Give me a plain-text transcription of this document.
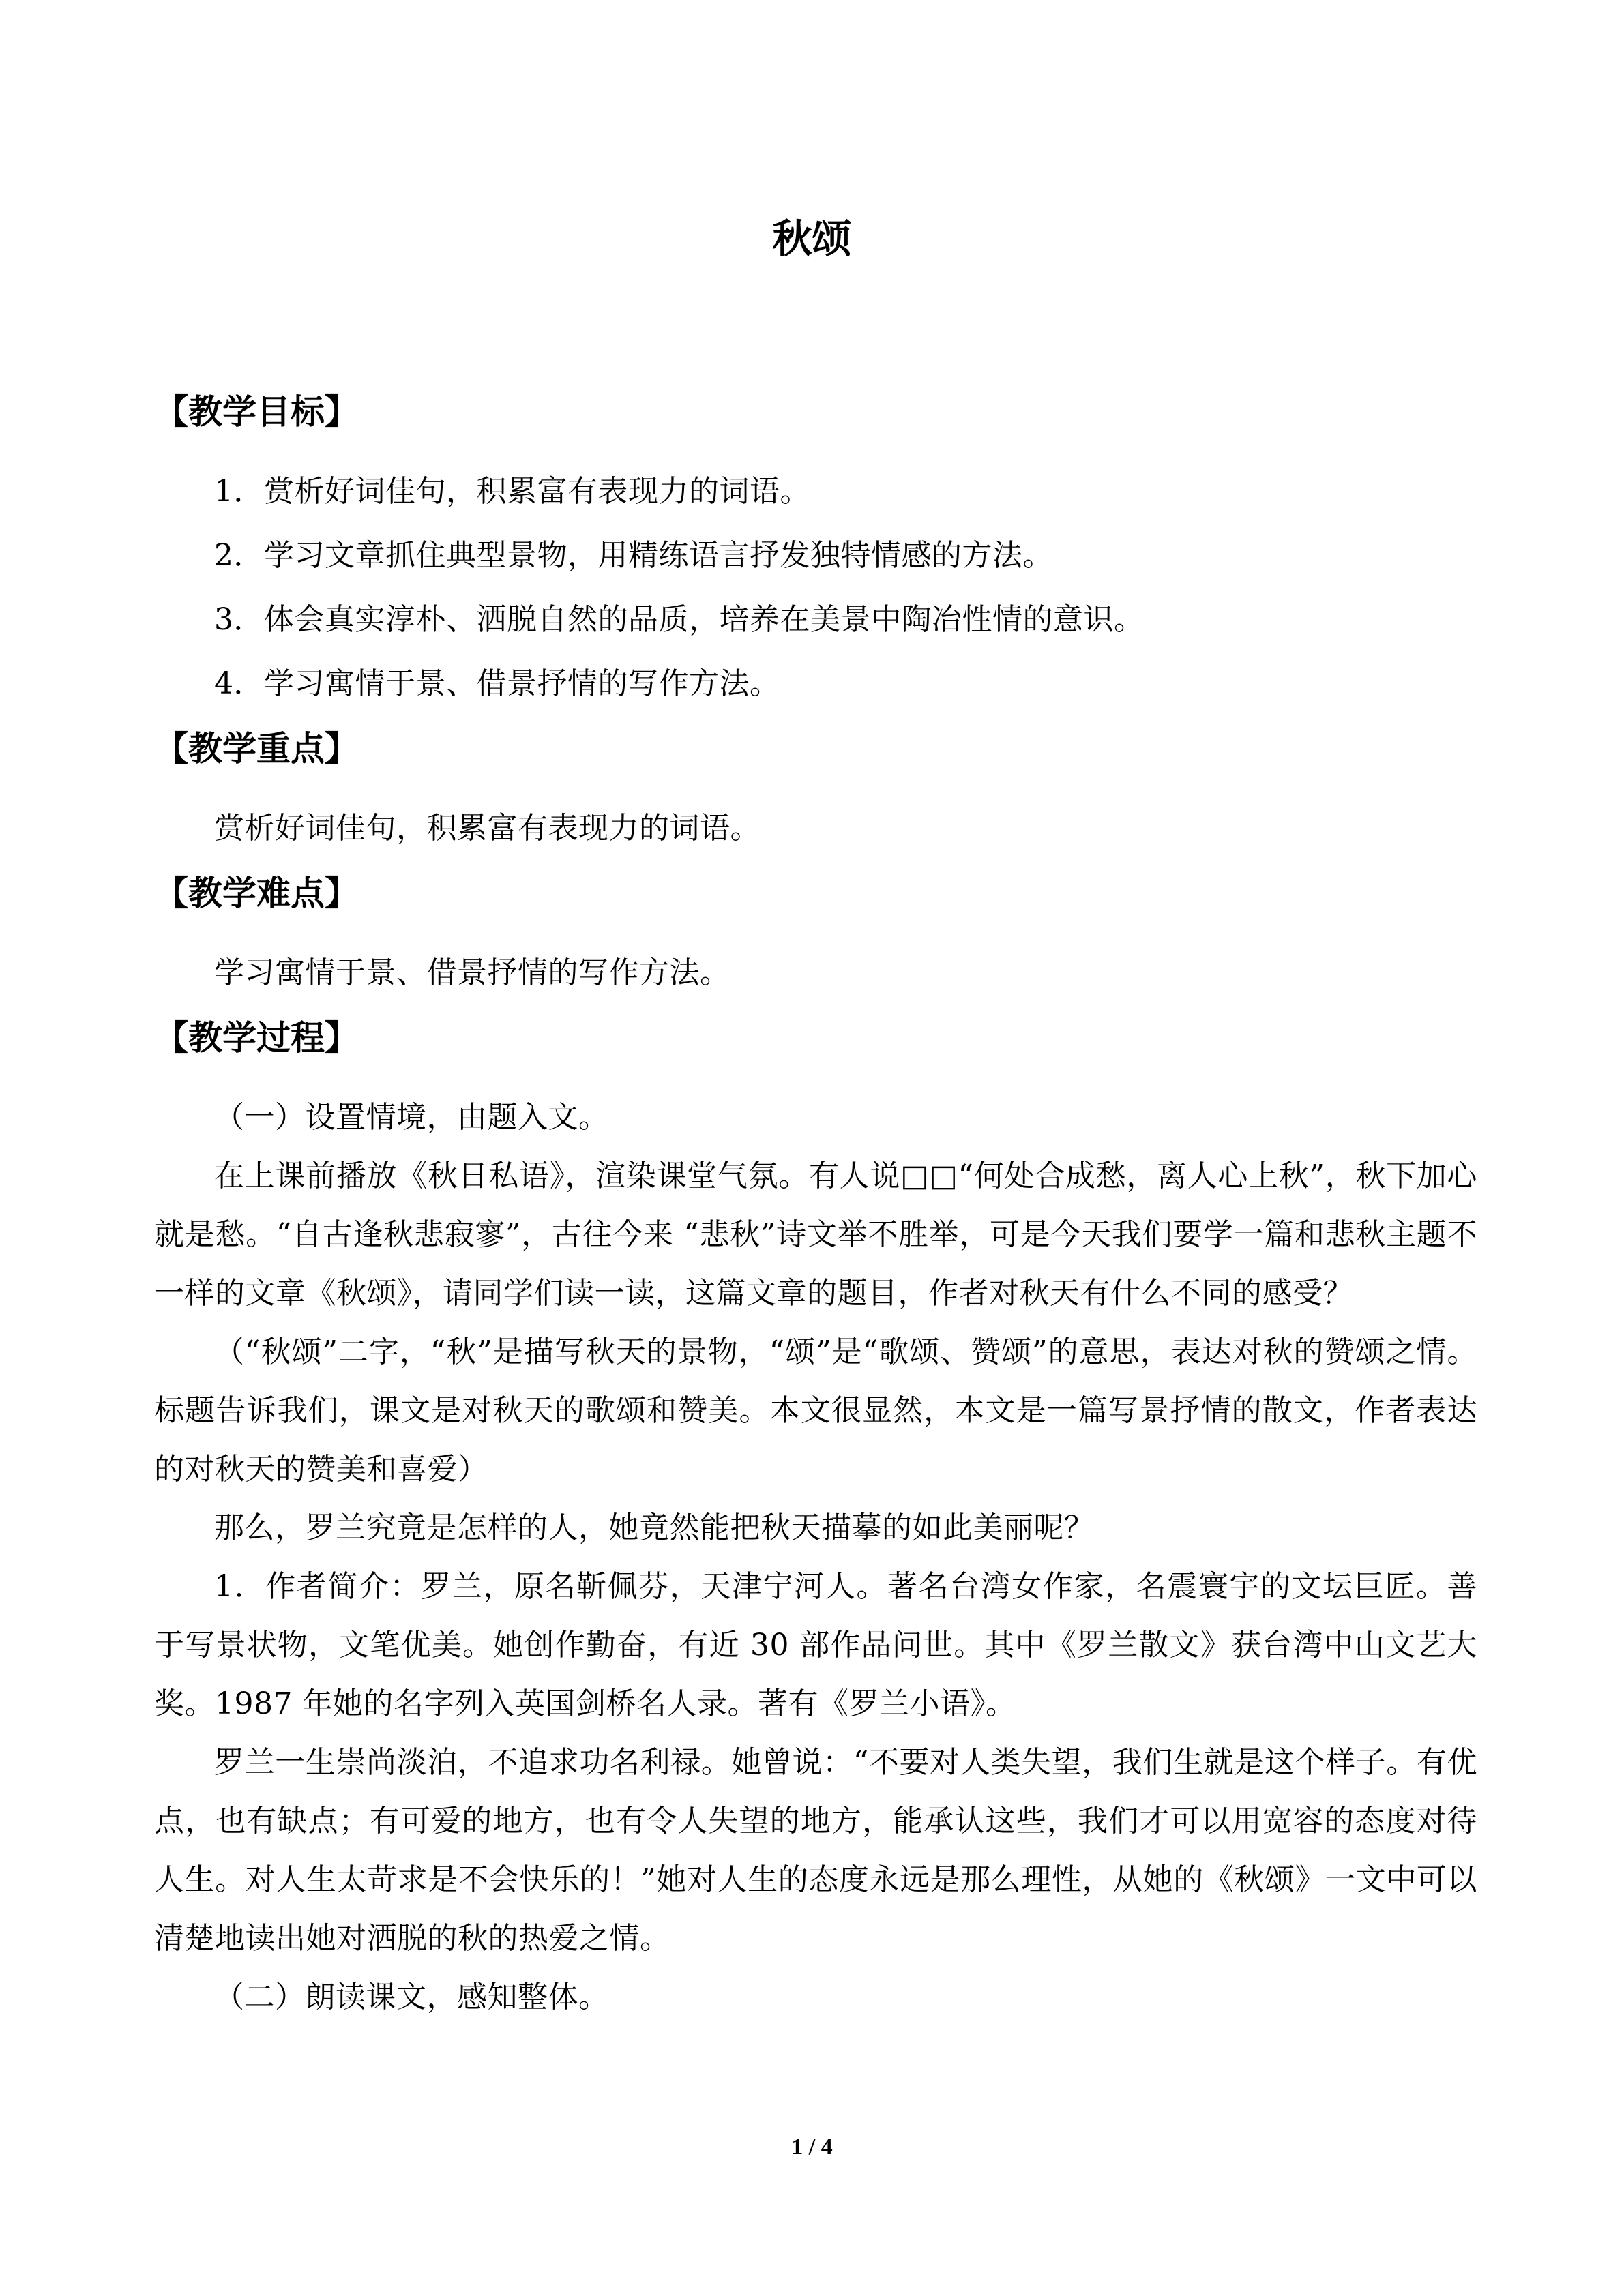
秋颂
【教学目标】

1．赏析好词佳句，积累富有表现力的词语。

2．学习文章抓住典型景物，用精练语言抒发独特情感的方法。

3．体会真实淳朴、洒脱自然的品质，培养在美景中陶冶性情的意识。

4．学习寓情于景、借景抒情的写作方法。

【教学重点】

赏析好词佳句，积累富有表现力的词语。

【教学难点】

学习寓情于景、借景抒情的写作方法。

【教学过程】

（一）设置情境，由题入文。

在上课前播放《秋日私语》，渲染课堂气氛。有人说□□“何处合成愁，离人心上秋”，秋下加心就是愁。“自古逢秋悲寂寥”，古往今来 “悲秋”诗文举不胜举，可是今天我们要学一篇和悲秋主题不一样的文章《秋颂》，请同学们读一读，这篇文章的题目，作者对秋天有什么不同的感受？

（“秋颂”二字，“秋”是描写秋天的景物，“颂”是“歌颂、赞颂”的意思，表达对秋的赞颂之情。标题告诉我们，课文是对秋天的歌颂和赞美。本文很显然，本文是一篇写景抒情的散文，作者表达的对秋天的赞美和喜爱）

那么，罗兰究竟是怎样的人，她竟然能把秋天描摹的如此美丽呢？

1．作者简介：罗兰，原名靳佩芬，天津宁河人。著名台湾女作家，名震寰宇的文坛巨匠。善于写景状物，文笔优美。她创作勤奋，有近 30 部作品问世。其中《罗兰散文》获台湾中山文艺大奖。1987 年她的名字列入英国剑桥名人录。著有《罗兰小语》。

罗兰一生崇尚淡泊，不追求功名利禄。她曾说：“不要对人类失望，我们生就是这个样子。有优点，也有缺点；有可爱的地方，也有令人失望的地方，能承认这些，我们才可以用宽容的态度对待人生。对人生太苛求是不会快乐的！”她对人生的态度永远是那么理性，从她的《秋颂》一文中可以清楚地读出她对洒脱的秋的热爱之情。

（二）朗读课文，感知整体。

1 / 4
